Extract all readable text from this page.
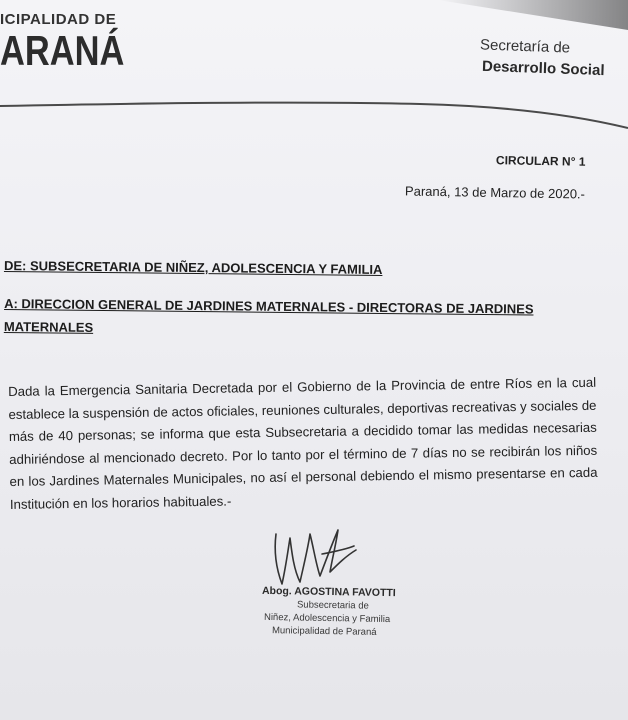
ICIPALIDAD DE
ARANÁ	Secretaría de
Desarrollo Social
CIRCULAR N° 1
Paraná, 13 de Marzo de 2020.-
DE: SUBSECRETARIA DE NIÑEZ, ADOLESCENCIA Y FAMILIA
A: DIRECCION GENERAL DE JARDINES MATERNALES - DIRECTORAS DE JARDINES MATERNALES
Dada la Emergencia Sanitaria Decretada por el Gobierno de la Provincia de entre Ríos en la cual establece la suspensión de actos oficiales, reuniones culturales, deportivas recreativas y sociales de más de 40 personas; se informa que esta Subsecretaria a decidido tomar las medidas necesarias adhiriéndose al mencionado decreto. Por lo tanto por el término de 7 días no se recibirán los niños en los Jardines Maternales Municipales, no así el personal debiendo el mismo presentarse en cada Institución en los horarios habituales.-
Abog. AGOSTINA FAVOTTI
Subsecretaria de
Niñez, Adolescencia y Familia
Municipalidad de Paraná
